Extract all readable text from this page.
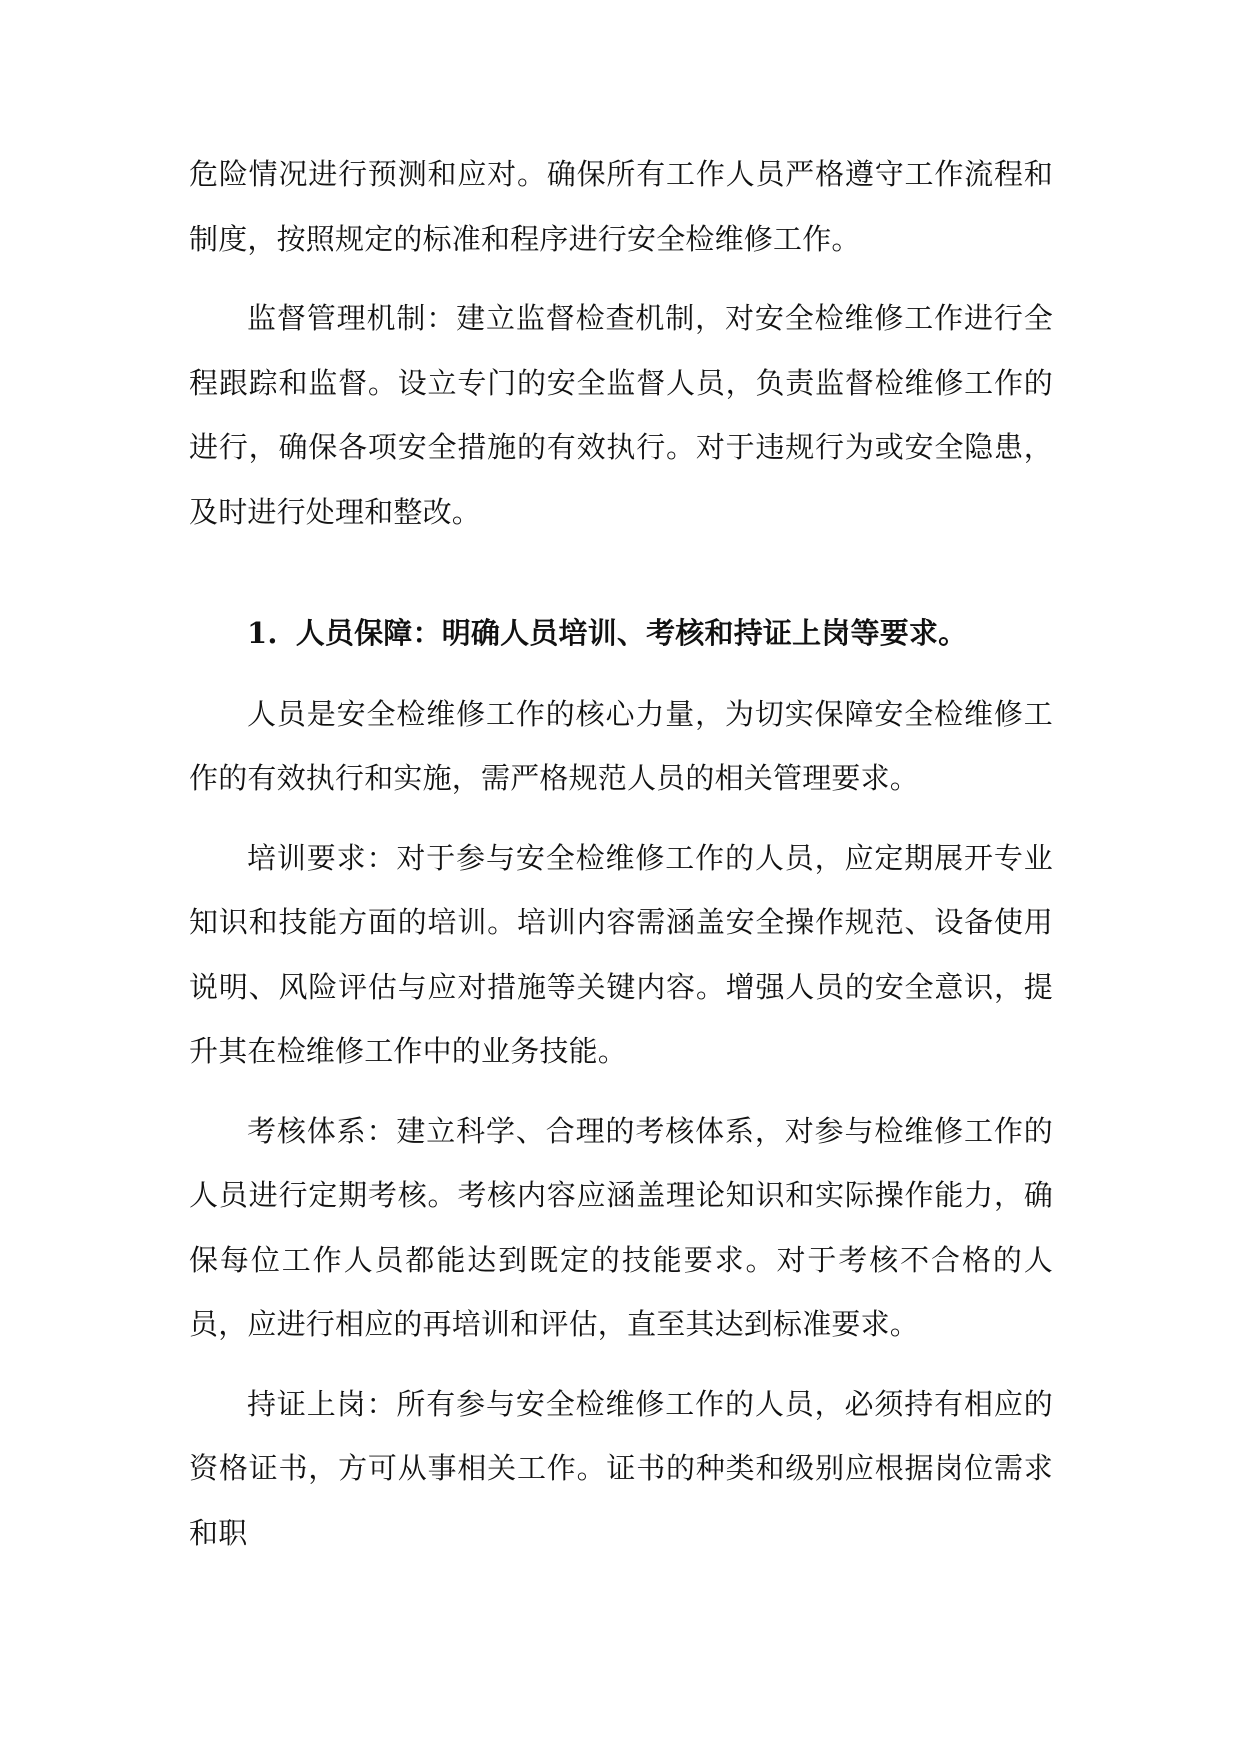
危险情况进行预测和应对。确保所有工作人员严格遵守工作流程和制度，按照规定的标准和程序进行安全检维修工作。

监督管理机制：建立监督检查机制，对安全检维修工作进行全程跟踪和监督。设立专门的安全监督人员，负责监督检维修工作的进行，确保各项安全措施的有效执行。对于违规行为或安全隐患，及时进行处理和整改。

1. 人员保障：明确人员培训、考核和持证上岗等要求。

人员是安全检维修工作的核心力量，为切实保障安全检维修工作的有效执行和实施，需严格规范人员的相关管理要求。

培训要求：对于参与安全检维修工作的人员，应定期展开专业知识和技能方面的培训。培训内容需涵盖安全操作规范、设备使用说明、风险评估与应对措施等关键内容。增强人员的安全意识，提升其在检维修工作中的业务技能。

考核体系：建立科学、合理的考核体系，对参与检维修工作的人员进行定期考核。考核内容应涵盖理论知识和实际操作能力，确保每位工作人员都能达到既定的技能要求。对于考核不合格的人员，应进行相应的再培训和评估，直至其达到标准要求。

持证上岗：所有参与安全检维修工作的人员，必须持有相应的资格证书，方可从事相关工作。证书的种类和级别应根据岗位需求和职
